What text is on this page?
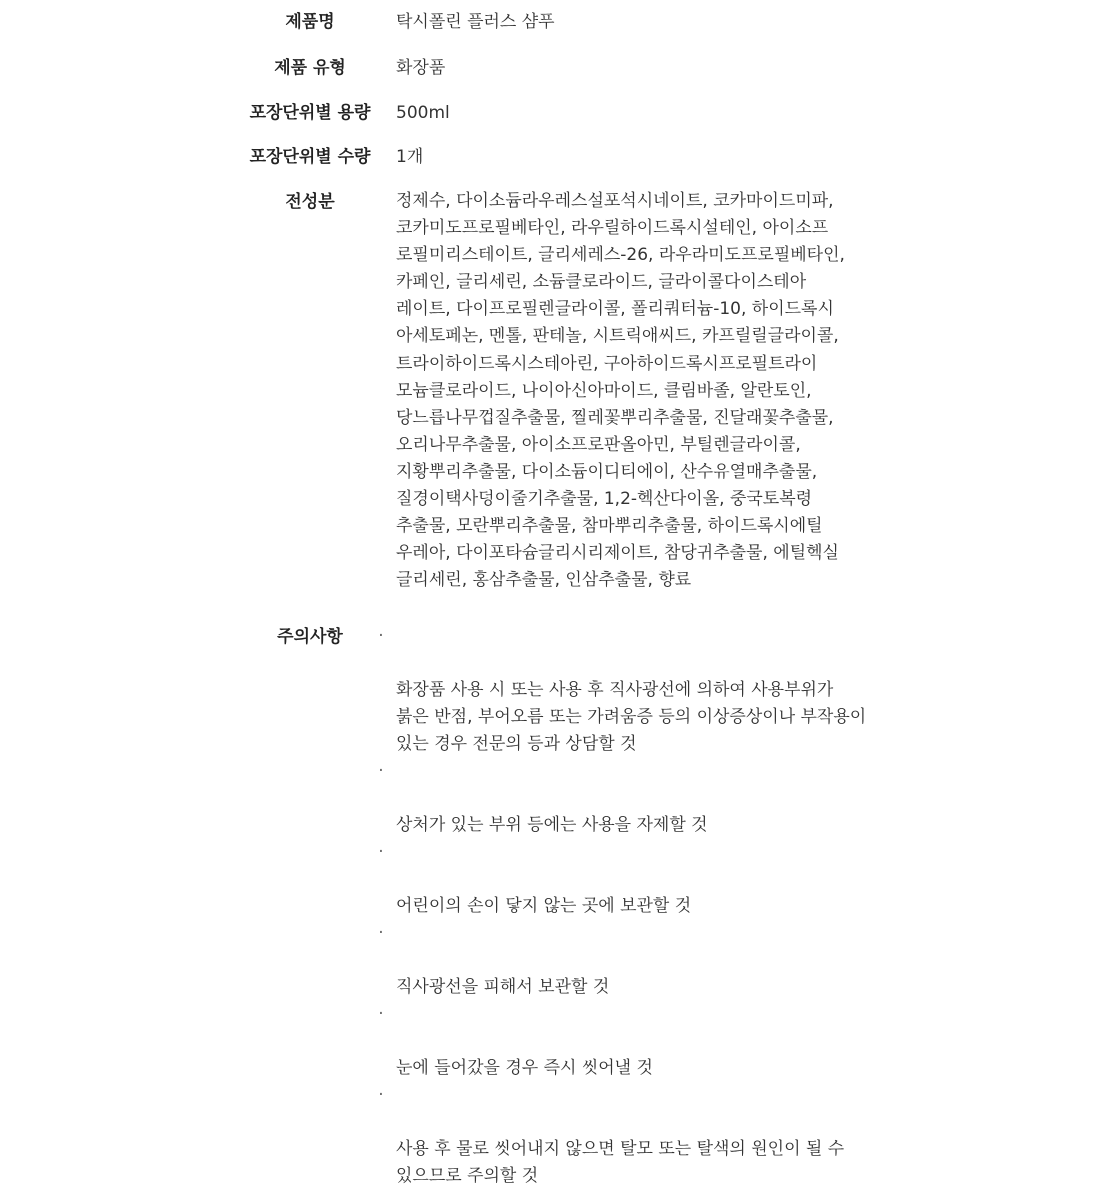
제품명	탁시폴린 플러스 샴푸
제품 유형	화장품
포장단위별 용량	500ml
포장단위별 수량	1개
전성분	정제수, 다이소듐라우레스설포석시네이트, 코카마이드미파,
코카미도프로필베타인, 라우릴하이드록시설테인, 아이소프
로필미리스테이트, 글리세레스-26, 라우라미도프로필베타인,
카페인, 글리세린, 소듐클로라이드, 글라이콜다이스테아
레이트, 다이프로필렌글라이콜, 폴리쿼터늄-10, 하이드록시
아세토페논, 멘톨, 판테놀, 시트릭애씨드, 카프릴릴글라이콜,
트라이하이드록시스테아린, 구아하이드록시프로필트라이
모늄클로라이드, 나이아신아마이드, 클림바졸, 알란토인,
당느릅나무껍질추출물, 찔레꽃뿌리추출물, 진달래꽃추출물,
오리나무추출물, 아이소프로판올아민, 부틸렌글라이콜,
지황뿌리추출물, 다이소듐이디티에이, 산수유열매추출물,
질경이택사덩이줄기추출물, 1,2-헥산다이올, 중국토복령
추출물, 모란뿌리추출물, 참마뿌리추출물, 하이드록시에틸
우레아, 다이포타슘글리시리제이트, 참당귀추출물, 에틸헥실
글리세린, 홍삼추출물, 인삼추출물, 향료
주의사항	·

화장품 사용 시 또는 사용 후 직사광선에 의하여 사용부위가
붉은 반점, 부어오름 또는 가려움증 등의 이상증상이나 부작용이
있는 경우 전문의 등과 상담할 것

·

상처가 있는 부위 등에는 사용을 자제할 것

·

어린이의 손이 닿지 않는 곳에 보관할 것

·

직사광선을 피해서 보관할 것

·

눈에 들어갔을 경우 즉시 씻어낼 것

·

사용 후 물로 씻어내지 않으면 탈모 또는 탈색의 원인이 될 수
있으므로 주의할 것
